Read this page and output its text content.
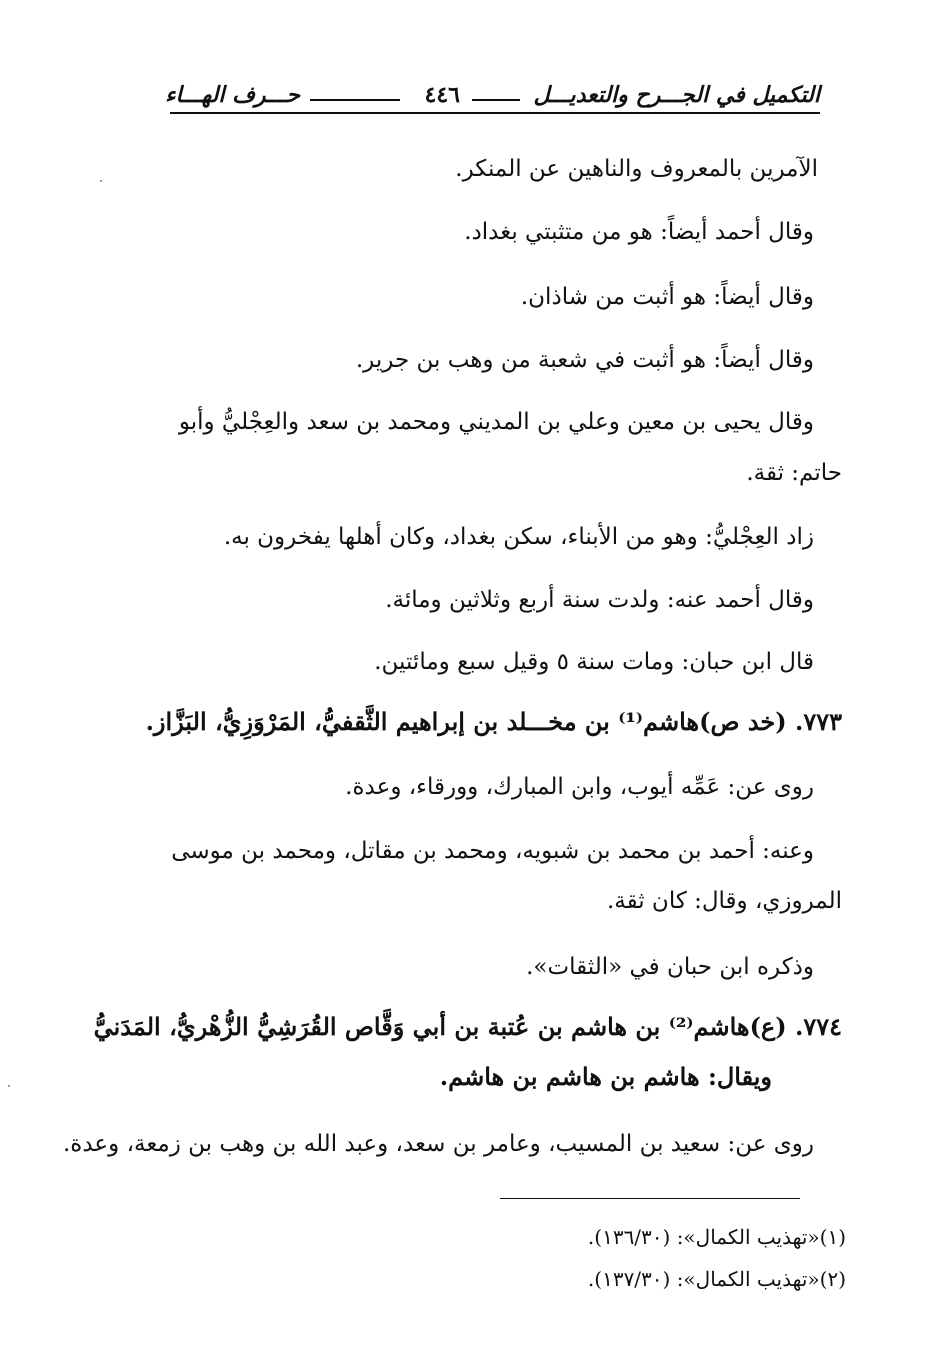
التكميل في الجـــرح والتعديـــل
٤٤٦
حـــرف الهـــاء
الآمرين بالمعروف والناهين عن المنكر.
وقال أحمد أيضاً: هو من متثبتي بغداد.
وقال أيضاً: هو أثبت من شاذان.
وقال أيضاً: هو أثبت في شعبة من وهب بن جرير.
وقال يحيى بن معين وعلي بن المديني ومحمد بن سعد والعِجْليُّ وأبو
حاتم: ثقة.
زاد العِجْليُّ: وهو من الأبناء، سكن بغداد، وكان أهلها يفخرون به.
وقال أحمد عنه: ولدت سنة أربع وثلاثين ومائة.
قال ابن حبان: ومات سنة ٥ وقيل سبع ومائتين.
٧٧٣. (خد ص)هاشم⁽¹⁾ بن مخـــلد بن إبراهيم الثَّقفيُّ، المَرْوَزِيُّ، البَزَّاز.
روى عن: عَمِّه أيوب، وابن المبارك، وورقاء، وعدة.
وعنه: أحمد بن محمد بن شبويه، ومحمد بن مقاتل، ومحمد بن موسى
المروزي، وقال: كان ثقة.
وذكره ابن حبان في «الثقات».
٧٧٤. (ع)هاشم⁽²⁾ بن هاشم بن عُتبة بن أبي وَقَّاص القُرَشِيُّ الزُّهْريُّ، المَدَنيُّ
ويقال: هاشم بن هاشم بن هاشم.
روى عن: سعيد بن المسيب، وعامر بن سعد، وعبد الله بن وهب بن زمعة، وعدة.
(١)«تهذيب الكمال»: (١٣٦/٣٠).
(٢)«تهذيب الكمال»: (١٣٧/٣٠).
